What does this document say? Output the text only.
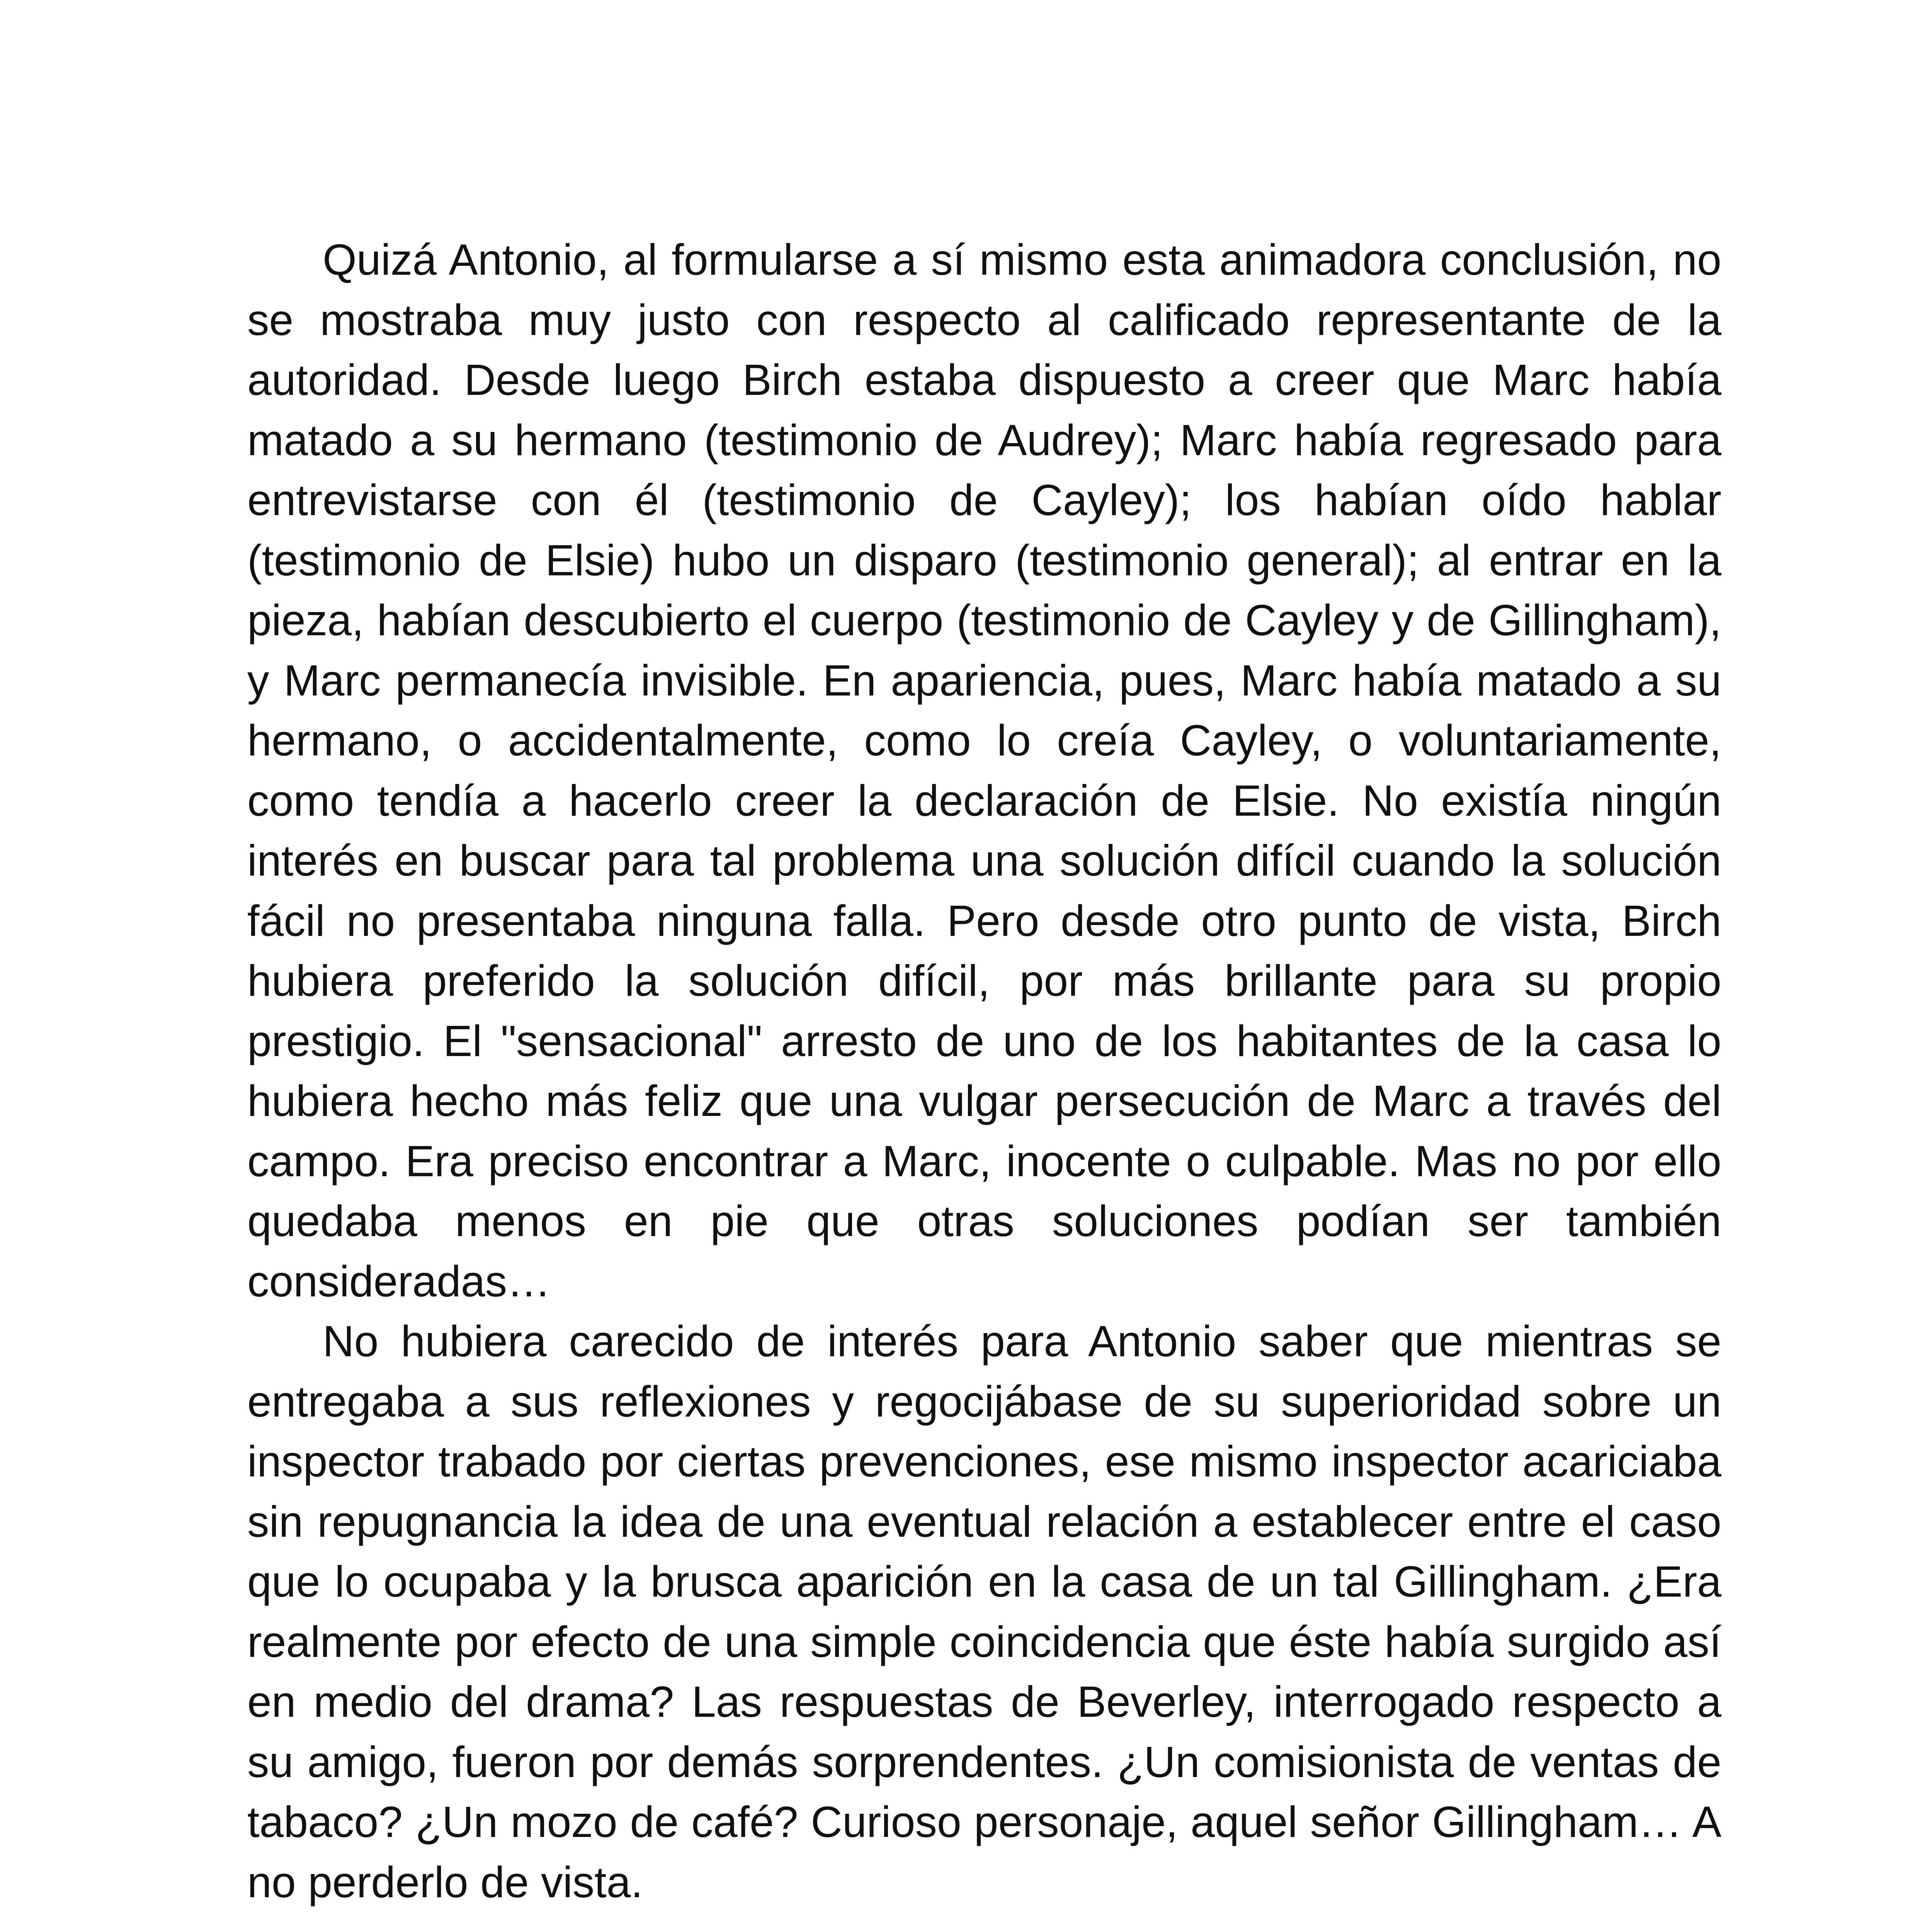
Quizá Antonio, al formularse a sí mismo esta animadora conclusión, no se mostraba muy justo con respecto al calificado representante de la autoridad. Desde luego Birch estaba dispuesto a creer que Marc había matado a su hermano (testimonio de Audrey); Marc había regresado para entrevistarse con él (testimonio de Cayley); los habían oído hablar (testimonio de Elsie) hubo un disparo (testimonio general); al entrar en la pieza, habían descubierto el cuerpo (testimonio de Cayley y de Gillingham), y Marc permanecía invisible. En apariencia, pues, Marc había matado a su hermano, o accidentalmente, como lo creía Cayley, o voluntariamente, como tendía a hacerlo creer la declaración de Elsie. No existía ningún interés en buscar para tal problema una solución difícil cuando la solución fácil no presentaba ninguna falla. Pero desde otro punto de vista, Birch hubiera preferido la solución difícil, por más brillante para su propio prestigio. El "sensacional" arresto de uno de los habitantes de la casa lo hubiera hecho más feliz que una vulgar persecución de Marc a través del campo. Era preciso encontrar a Marc, inocente o culpable. Mas no por ello quedaba menos en pie que otras soluciones podían ser también consideradas…

No hubiera carecido de interés para Antonio saber que mientras se entregaba a sus reflexiones y regocijábase de su superioridad sobre un inspector trabado por ciertas prevenciones, ese mismo inspector acariciaba sin repugnancia la idea de una eventual relación a establecer entre el caso que lo ocupaba y la brusca aparición en la casa de un tal Gillingham. ¿Era realmente por efecto de una simple coincidencia que éste había surgido así en medio del drama? Las respuestas de Beverley, interrogado respecto a su amigo, fueron por demás sorprendentes. ¿Un comisionista de ventas de tabaco? ¿Un mozo de café? Curioso personaje, aquel señor Gillingham… A no perderlo de vista.
